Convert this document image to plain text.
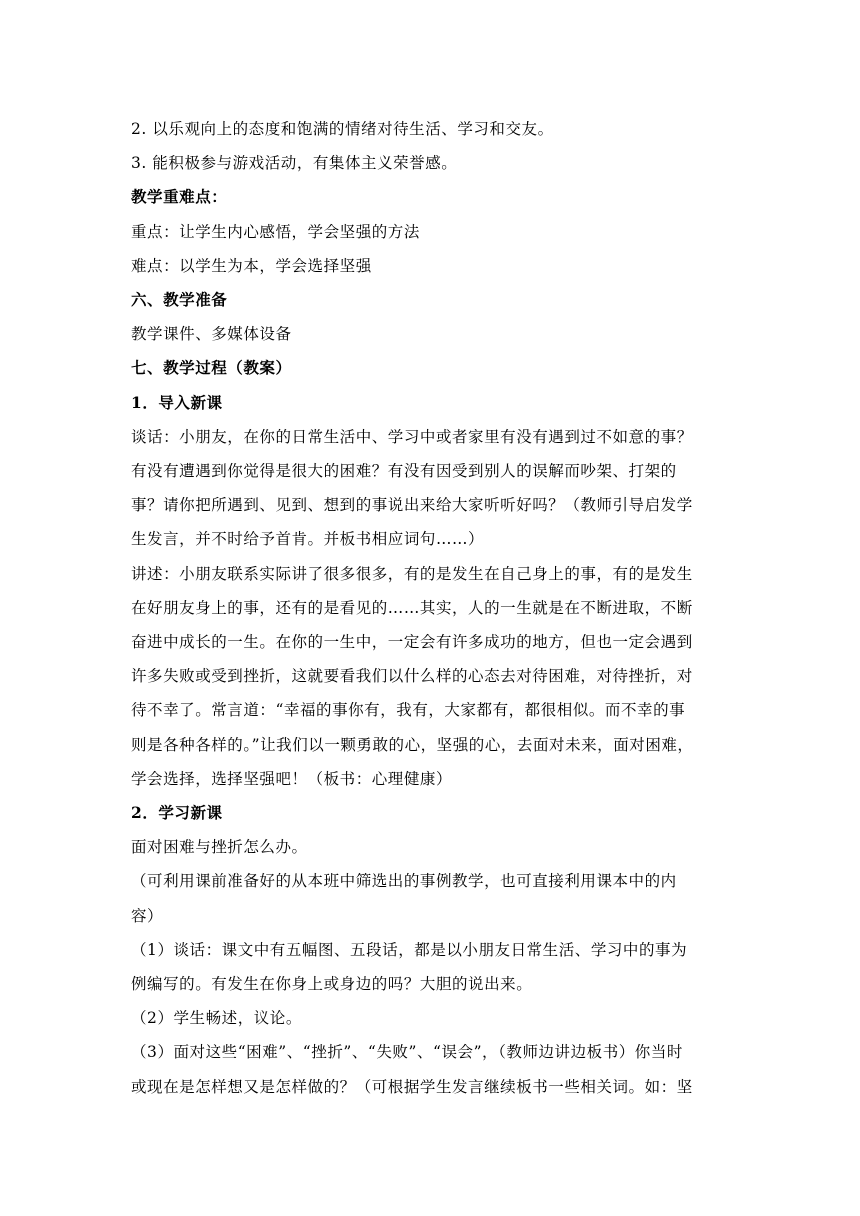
2. 以乐观向上的态度和饱满的情绪对待生活、学习和交友。
3. 能积极参与游戏活动，有集体主义荣誉感。
教学重难点：
重点：让学生内心感悟，学会坚强的方法
难点：以学生为本，学会选择坚强
六、教学准备
教学课件、多媒体设备
七、教学过程（教案）
1．导入新课
谈话：小朋友，在你的日常生活中、学习中或者家里有没有遇到过不如意的事？
有没有遭遇到你觉得是很大的困难？有没有因受到别人的误解而吵架、打架的
事？请你把所遇到、见到、想到的事说出来给大家听听好吗？（教师引导启发学
生发言，并不时给予首肯。并板书相应词句……）
讲述：小朋友联系实际讲了很多很多，有的是发生在自己身上的事，有的是发生
在好朋友身上的事，还有的是看见的……其实，人的一生就是在不断进取，不断
奋进中成长的一生。在你的一生中，一定会有许多成功的地方，但也一定会遇到
许多失败或受到挫折，这就要看我们以什么样的心态去对待困难，对待挫折，对
待不幸了。常言道：“幸福的事你有，我有，大家都有，都很相似。而不幸的事
则是各种各样的。”让我们以一颗勇敢的心，坚强的心，去面对未来，面对困难，
学会选择，选择坚强吧！（板书：心理健康）
2．学习新课
面对困难与挫折怎么办。
（可利用课前准备好的从本班中筛选出的事例教学，也可直接利用课本中的内
容）
（1）谈话：课文中有五幅图、五段话，都是以小朋友日常生活、学习中的事为
例编写的。有发生在你身上或身边的吗？大胆的说出来。
（2）学生畅述，议论。
（3）面对这些“困难”、“挫折”、“失败”、“误会”，（教师边讲边板书）你当时
或现在是怎样想又是怎样做的？（可根据学生发言继续板书一些相关词。如：坚
